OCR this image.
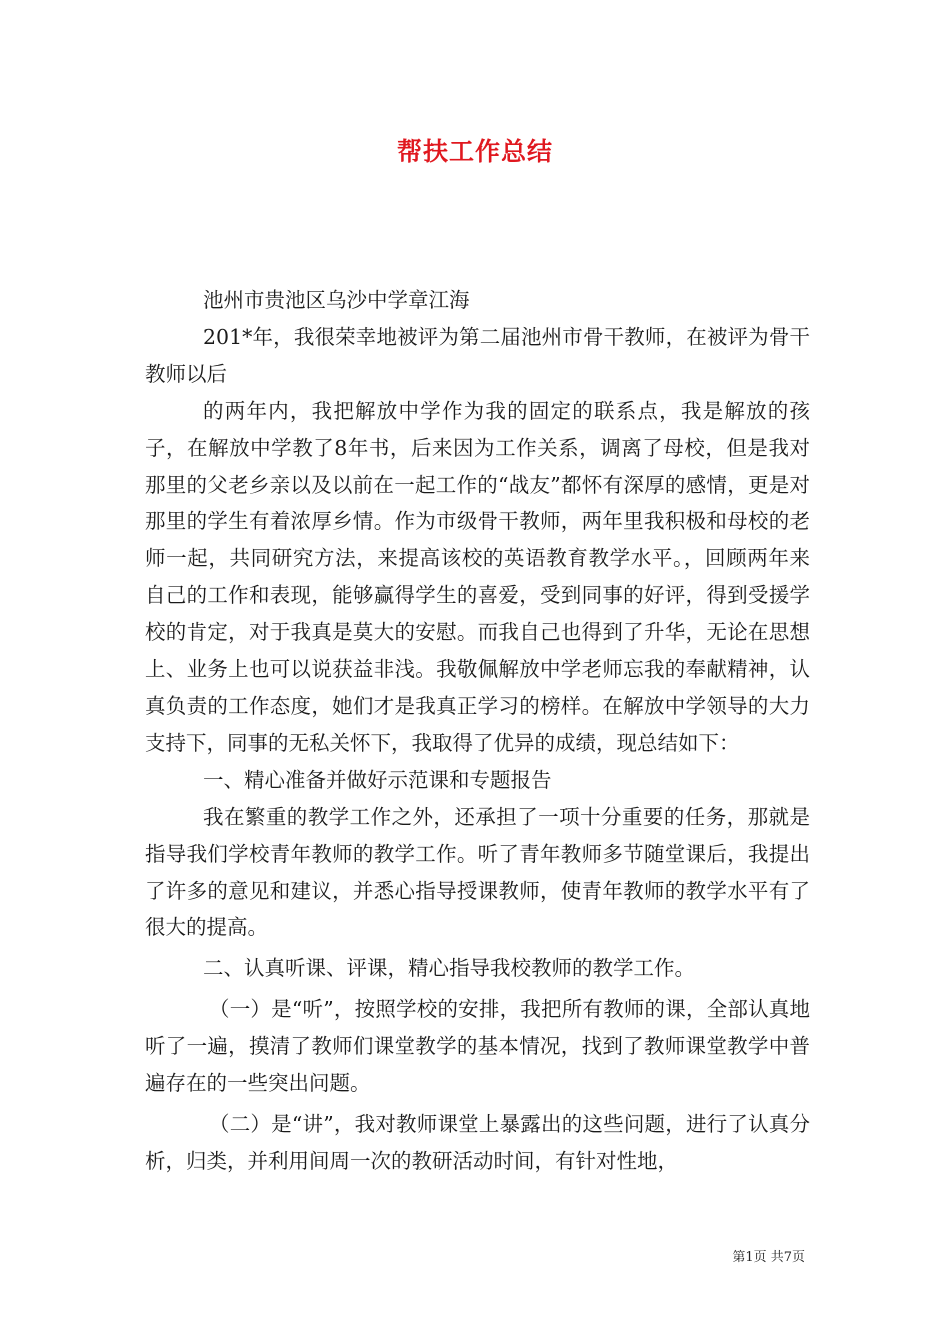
帮扶工作总结

池州市贵池区乌沙中学章江海

201*年，我很荣幸地被评为第二届池州市骨干教师，在被评为骨干教师以后

的两年内，我把解放中学作为我的固定的联系点，我是解放的孩子，在解放中学教了8年书，后来因为工作关系，调离了母校，但是我对那里的父老乡亲以及以前在一起工作的“战友”都怀有深厚的感情，更是对那里的学生有着浓厚乡情。作为市级骨干教师，两年里我积极和母校的老师一起，共同研究方法，来提高该校的英语教育教学水平。，回顾两年来自己的工作和表现，能够赢得学生的喜爱，受到同事的好评，得到受援学校的肯定，对于我真是莫大的安慰。而我自己也得到了升华，无论在思想上、业务上也可以说获益非浅。我敬佩解放中学老师忘我的奉献精神，认真负责的工作态度，她们才是我真正学习的榜样。在解放中学领导的大力支持下，同事的无私关怀下，我取得了优异的成绩，现总结如下：

一、精心准备并做好示范课和专题报告

我在繁重的教学工作之外，还承担了一项十分重要的任务，那就是指导我们学校青年教师的教学工作。听了青年教师多节随堂课后，我提出了许多的意见和建议，并悉心指导授课教师，使青年教师的教学水平有了很大的提高。

二、认真听课、评课，精心指导我校教师的教学工作。

（一）是“听”，按照学校的安排，我把所有教师的课，全部认真地听了一遍，摸清了教师们课堂教学的基本情况，找到了教师课堂教学中普遍存在的一些突出问题。

（二）是“讲”，我对教师课堂上暴露出的这些问题，进行了认真分析，归类，并利用间周一次的教研活动时间，有针对性地，

第1页 共7页
